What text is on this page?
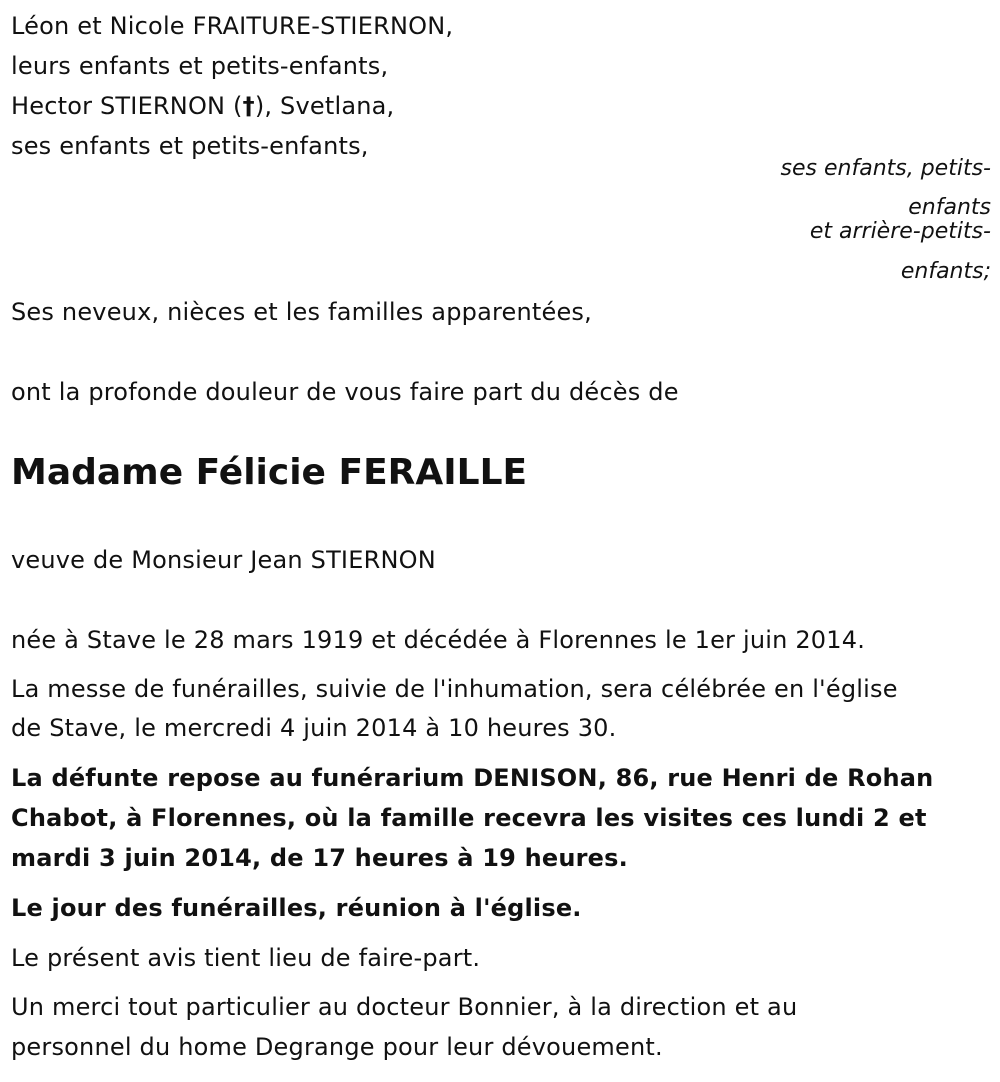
Léon et Nicole FRAITURE-STIERNON,
leurs enfants et petits-enfants,
Hector STIERNON (†), Svetlana,
ses enfants et petits-enfants,
ses enfants, petits-
enfants
et arrière-petits-
enfants;
Ses neveux, nièces et les familles apparentées,
ont la profonde douleur de vous faire part du décès de
Madame Félicie FERAILLE
veuve de Monsieur Jean STIERNON
née à Stave le 28 mars 1919 et décédée à Florennes le 1er juin 2014.
La messe de funérailles, suivie de l'inhumation, sera célébrée en l'église
de Stave, le mercredi 4 juin 2014 à 10 heures 30.
La défunte repose au funérarium DENISON, 86, rue Henri de Rohan
Chabot, à Florennes, où la famille recevra les visites ces lundi 2 et
mardi 3 juin 2014, de 17 heures à 19 heures.
Le jour des funérailles, réunion à l'église.
Le présent avis tient lieu de faire-part.
Un merci tout particulier au docteur Bonnier, à la direction et au
personnel du home Degrange pour leur dévouement.
